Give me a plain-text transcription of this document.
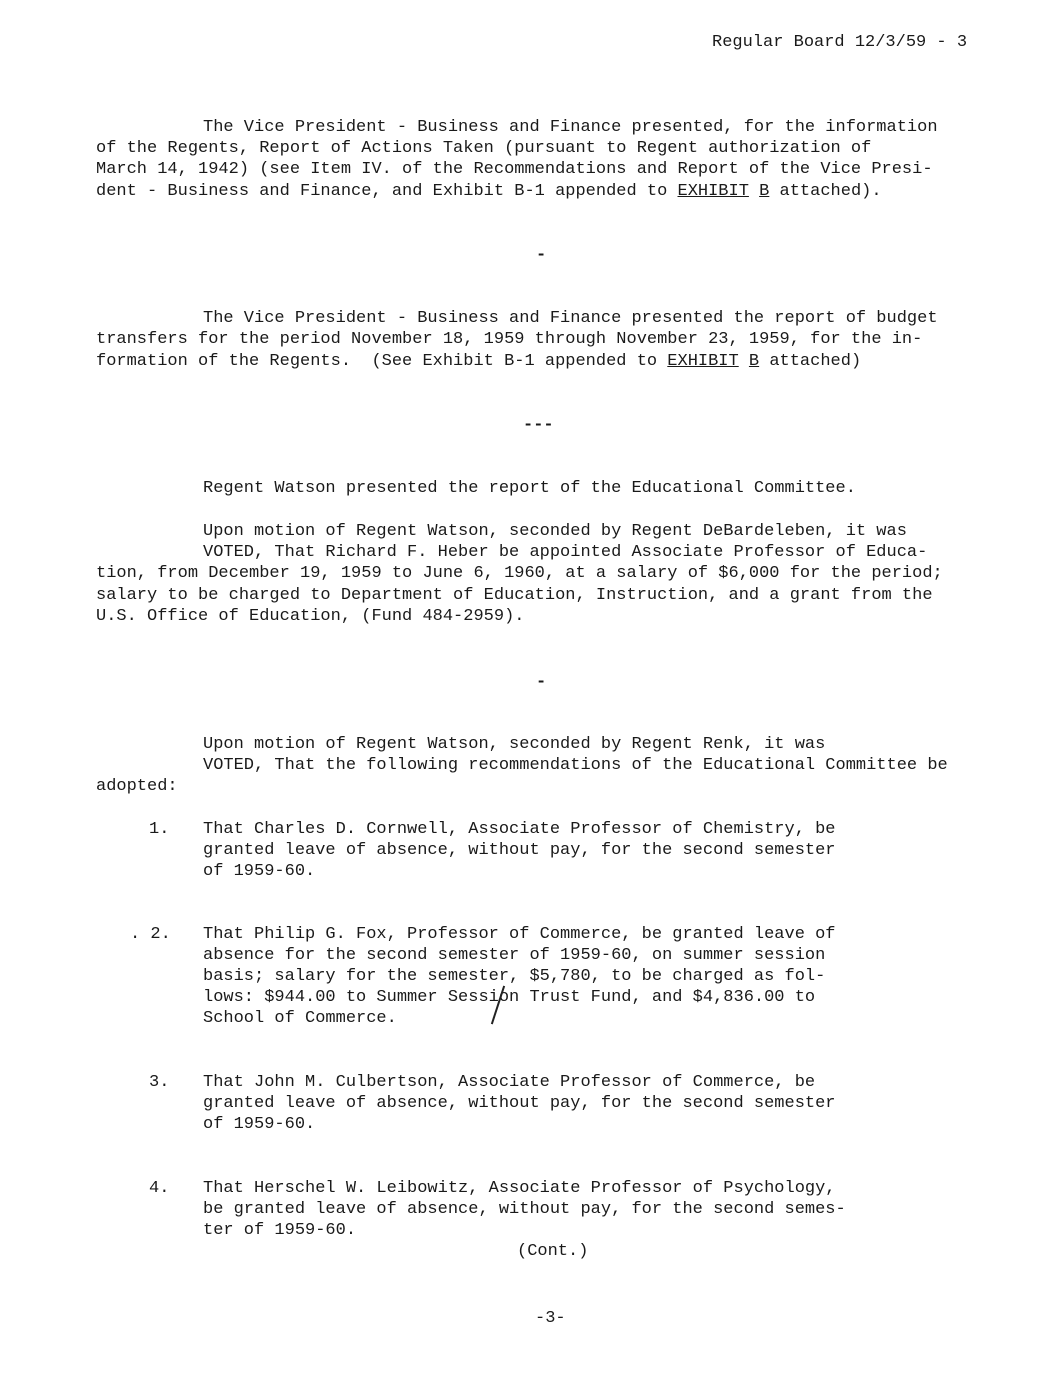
Regular Board 12/3/59 - 3
The Vice President - Business and Finance presented, for the information
of the Regents, Report of Actions Taken (pursuant to Regent authorization of
March 14, 1942) (see Item IV. of the Recommendations and Report of the Vice Presi-
dent - Business and Finance, and Exhibit B-1 appended to EXHIBIT B attached).
-
The Vice President - Business and Finance presented the report of budget
transfers for the period November 18, 1959 through November 23, 1959, for the in-
formation of the Regents.  (See Exhibit B-1 appended to EXHIBIT B attached)
---
Regent Watson presented the report of the Educational Committee.
Upon motion of Regent Watson, seconded by Regent DeBardeleben, it was
VOTED, That Richard F. Heber be appointed Associate Professor of Educa-
tion, from December 19, 1959 to June 6, 1960, at a salary of $6,000 for the period;
salary to be charged to Department of Education, Instruction, and a grant from the
U.S. Office of Education, (Fund 484-2959).
-
Upon motion of Regent Watson, seconded by Regent Renk, it was
VOTED, That the following recommendations of the Educational Committee be
adopted:
1. That Charles D. Cornwell, Associate Professor of Chemistry, be
granted leave of absence, without pay, for the second semester
of 1959-60.
. 2. That Philip G. Fox, Professor of Commerce, be granted leave of
absence for the second semester of 1959-60, on summer session
basis; salary for the semester, $5,780, to be charged as fol-
lows: $944.00 to Summer Session Trust Fund, and $4,836.00 to
School of Commerce.
3. That John M. Culbertson, Associate Professor of Commerce, be
granted leave of absence, without pay, for the second semester
of 1959-60.
4. That Herschel W. Leibowitz, Associate Professor of Psychology,
be granted leave of absence, without pay, for the second semes-
ter of 1959-60.
(Cont.)
-3-
